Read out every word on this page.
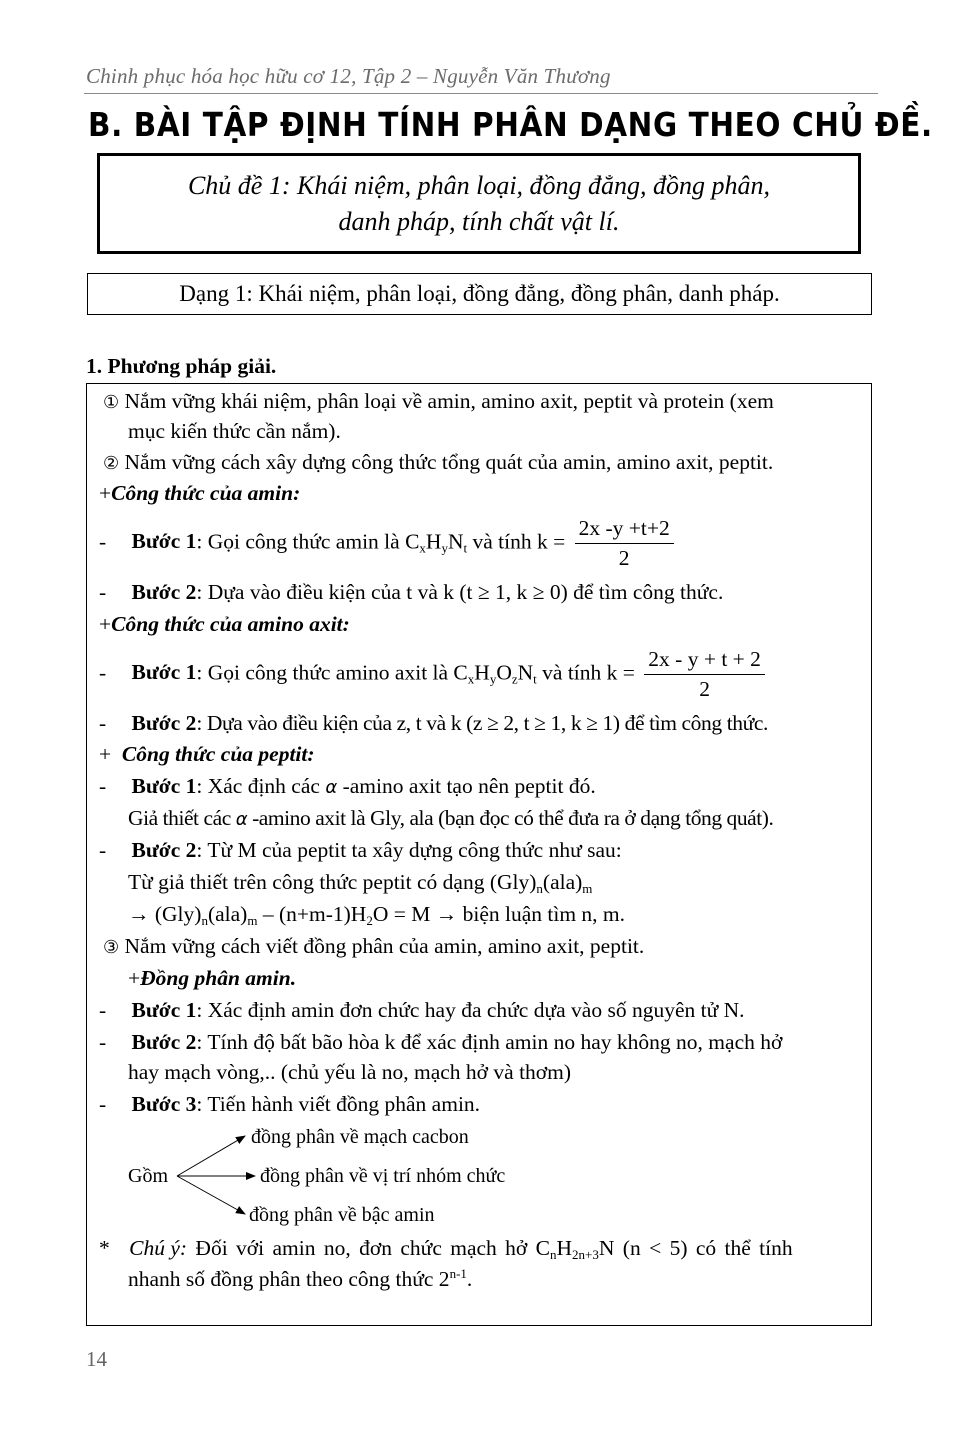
Chinh phục hóa học hữu cơ 12, Tập 2 – Nguyễn Văn Thương
B. BÀI TẬP ĐỊNH TÍNH PHÂN DẠNG THEO CHỦ ĐỀ.
Chủ đề 1: Khái niệm, phân loại, đồng đẳng, đồng phân,
danh pháp, tính chất vật lí.
Dạng 1: Khái niệm, phân loại, đồng đẳng, đồng phân, danh pháp.
1. Phương pháp giải.
① Nắm vững khái niệm, phân loại về amin, amino axit, peptit và protein (xem
mục kiến thức cần nắm).
② Nắm vững cách xây dựng công thức tổng quát của amin, amino axit, peptit.
+Công thức của amin:
- Bước 1: Gọi công thức amin là $C_xH_yN_t$ và tính $k = \frac{2x -y +t+2}{2}$
- Bước 2: Dựa vào điều kiện của t và k (t ≥ 1, k ≥ 0) để tìm công thức.
+Công thức của amino axit:
- Bước 1: Gọi công thức amino axit là $C_xH_yO_zN_t$ và tính $k = \frac{2x - y + t + 2}{2}$
- Bước 2: Dựa vào điều kiện của z, t và k (z ≥ 2, t ≥ 1, k ≥ 1) để tìm công thức.
+ Công thức của peptit:
- Bước 1: Xác định các α -amino axit tạo nên peptit đó.
Giả thiết các α -amino axit là Gly, ala (bạn đọc có thể đưa ra ở dạng tổng quát).
- Bước 2: Từ M của peptit ta xây dựng công thức như sau:
Từ giả thiết trên công thức peptit có dạng $(Gly)_n(ala)_m$
→ $(Gly)_n(ala)_m - (n+m-1)H_2O = M$ → biện luận tìm n, m.
③ Nắm vững cách viết đồng phân của amin, amino axit, peptit.
+Đồng phân amin.
- Bước 1: Xác định amin đơn chức hay đa chức dựa vào số nguyên tử N.
- Bước 2: Tính độ bất bão hòa k để xác định amin no hay không no, mạch hở
hay mạch vòng,.. (chủ yếu là no, mạch hở và thơm)
- Bước 3: Tiến hành viết đồng phân amin.
Gồm
đồng phân về mạch cacbon
đồng phân về vị trí nhóm chức
đồng phân về bậc amin
* Chú ý: Đối với amin no, đơn chức mạch hở $C_nH_{2n+3}N$ (n < 5) có thể tính
nhanh số đồng phân theo công thức 2$^{n-1}$.
14
